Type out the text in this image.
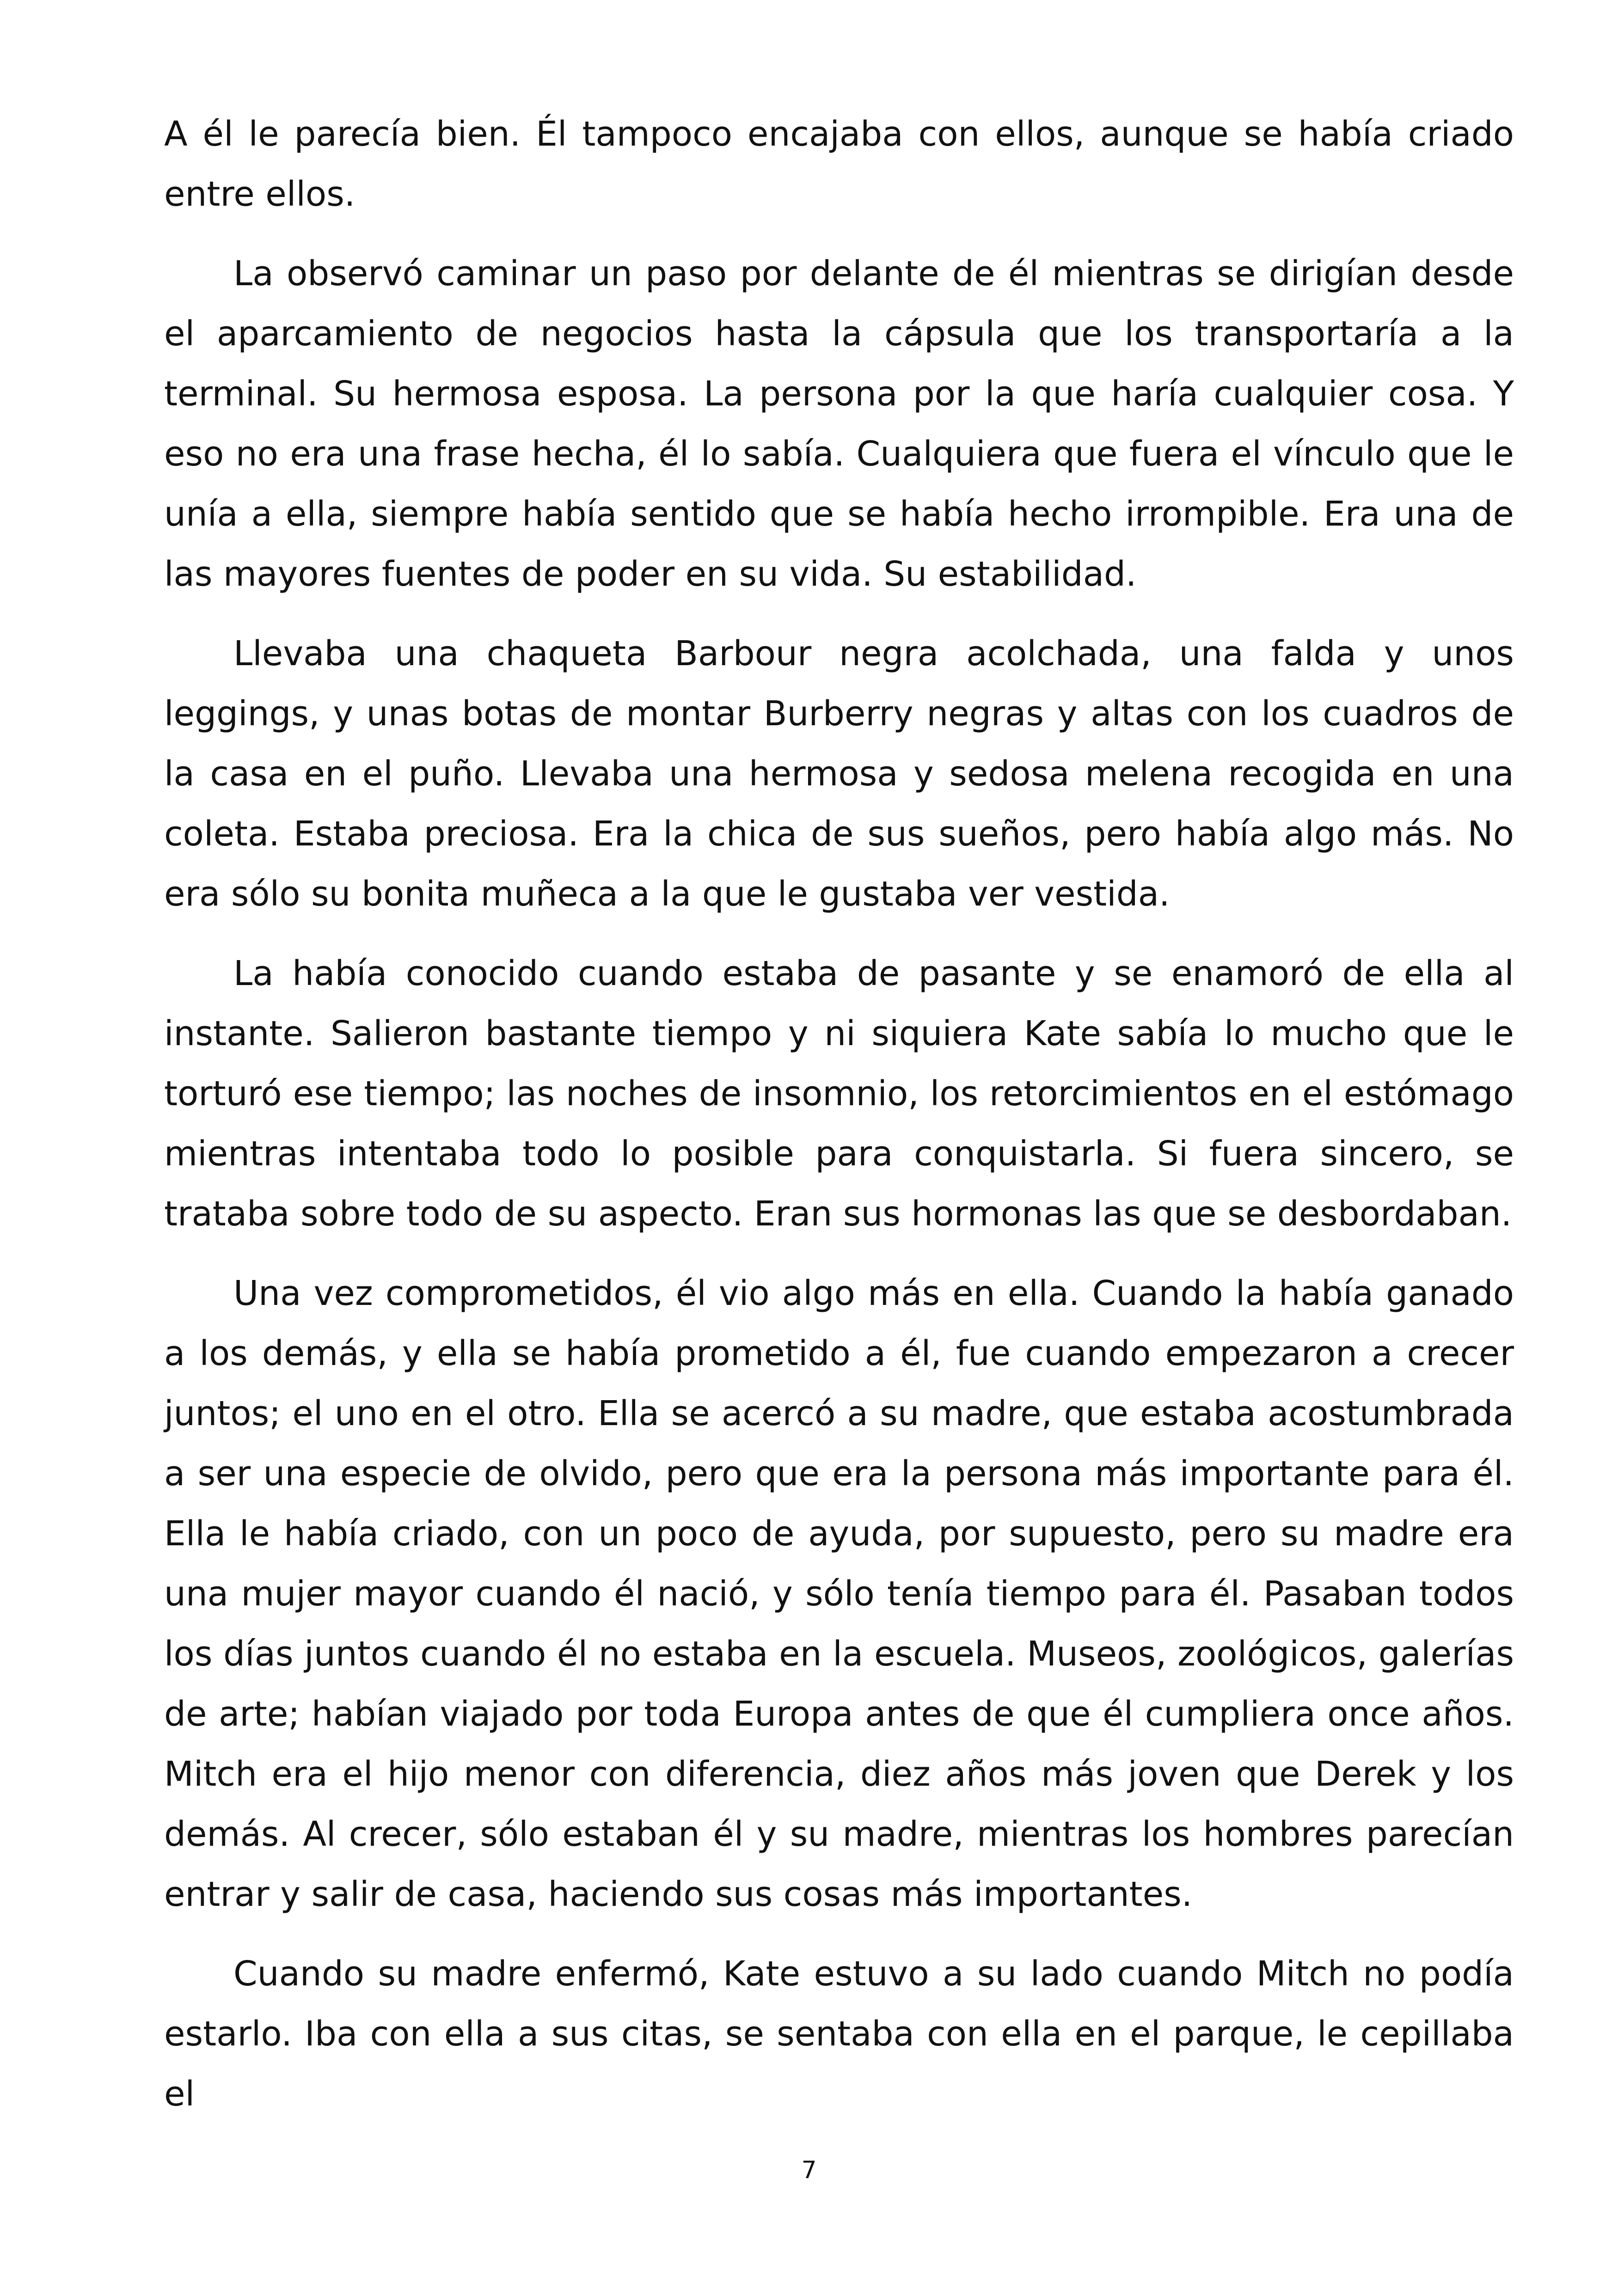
A él le parecía bien. Él tampoco encajaba con ellos, aunque se había criado entre ellos.

La observó caminar un paso por delante de él mientras se dirigían desde el aparcamiento de negocios hasta la cápsula que los transportaría a la terminal. Su hermosa esposa. La persona por la que haría cualquier cosa. Y eso no era una frase hecha, él lo sabía. Cualquiera que fuera el vínculo que le unía a ella, siempre había sentido que se había hecho irrompible. Era una de las mayores fuentes de poder en su vida. Su estabilidad.

Llevaba una chaqueta Barbour negra acolchada, una falda y unos leggings, y unas botas de montar Burberry negras y altas con los cuadros de la casa en el puño. Llevaba una hermosa y sedosa melena recogida en una coleta. Estaba preciosa. Era la chica de sus sueños, pero había algo más. No era sólo su bonita muñeca a la que le gustaba ver vestida.

La había conocido cuando estaba de pasante y se enamoró de ella al instante. Salieron bastante tiempo y ni siquiera Kate sabía lo mucho que le torturó ese tiempo; las noches de insomnio, los retorcimientos en el estómago mientras intentaba todo lo posible para conquistarla. Si fuera sincero, se trataba sobre todo de su aspecto. Eran sus hormonas las que se desbordaban.

Una vez comprometidos, él vio algo más en ella. Cuando la había ganado a los demás, y ella se había prometido a él, fue cuando empezaron a crecer juntos; el uno en el otro. Ella se acercó a su madre, que estaba acostumbrada a ser una especie de olvido, pero que era la persona más importante para él. Ella le había criado, con un poco de ayuda, por supuesto, pero su madre era una mujer mayor cuando él nació, y sólo tenía tiempo para él. Pasaban todos los días juntos cuando él no estaba en la escuela. Museos, zoológicos, galerías de arte; habían viajado por toda Europa antes de que él cumpliera once años. Mitch era el hijo menor con diferencia, diez años más joven que Derek y los demás. Al crecer, sólo estaban él y su madre, mientras los hombres parecían entrar y salir de casa, haciendo sus cosas más importantes.

Cuando su madre enfermó, Kate estuvo a su lado cuando Mitch no podía estarlo. Iba con ella a sus citas, se sentaba con ella en el parque, le cepillaba el

7
